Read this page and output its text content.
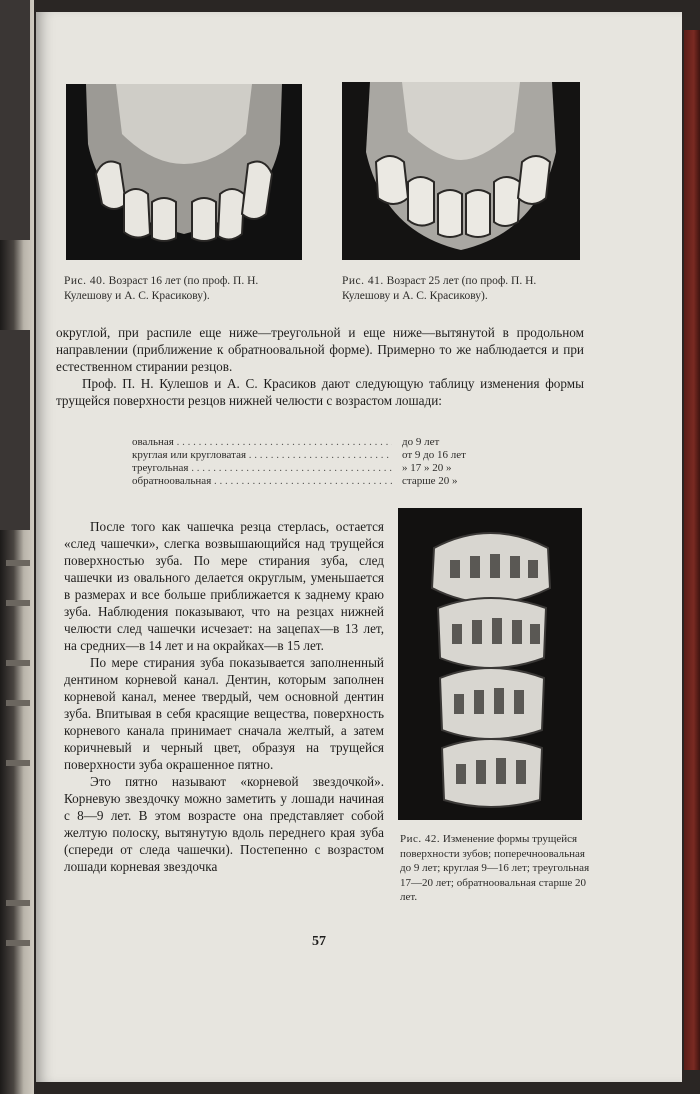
Рис. 40. Возраст 16 лет (по проф. П. Н. Кулешову и А. С. Красикову).
Рис. 41. Возраст 25 лет (по проф. П. Н. Кулешову и А. С. Красикову).

округлой, при распиле еще ниже—треугольной и еще ниже—вытянутой в продольном направлении (приближение к обратноовальной форме). Примерно то же наблюдается и при естественном стирании резцов.

Проф. П. Н. Кулешов и А. С. Красиков дают следующую таблицу изменения формы трущейся поверхности резцов нижней челюсти с возрастом лошади:

овальная . . .	до 9 лет
круглая или кругловатая . . .	от 9 до 16 лет
треугольная . . .	» 17 » 20 »
обратноовальная . . .	старше 20 »

После того как чашечка резца стерлась, остается «след чашечки», слегка возвышающийся над трущейся поверхностью зуба. По мере стирания зуба, след чашечки из овального делается округлым, уменьшается в размерах и все больше приближается к заднему краю зуба. Наблюдения показывают, что на резцах нижней челюсти след чашечки исчезает: на зацепах—в 13 лет, на средних—в 14 лет и на окрайках—в 15 лет.

По мере стирания зуба показывается заполненный дентином корневой канал. Дентин, которым заполнен корневой канал, менее твердый, чем основной дентин зуба. Впитывая в себя красящие вещества, поверхность корневого канала принимает сначала желтый, а затем коричневый и черный цвет, образуя на трущейся поверхности зуба окрашенное пятно.

Это пятно называют «корневой звездочкой». Корневую звездочку можно заметить у лошади начиная с 8—9 лет. В этом возрасте она представляет собой желтую полоску, вытянутую вдоль переднего края зуба (спереди от следа чашечки). Постепенно с возрастом лошади корневая звездочка

Рис. 42. Изменение формы трущейся поверхности зубов; поперечноовальная до 9 лет; круглая 9—16 лет; треугольная 17—20 лет; обратноовальная старше 20 лет.
57
